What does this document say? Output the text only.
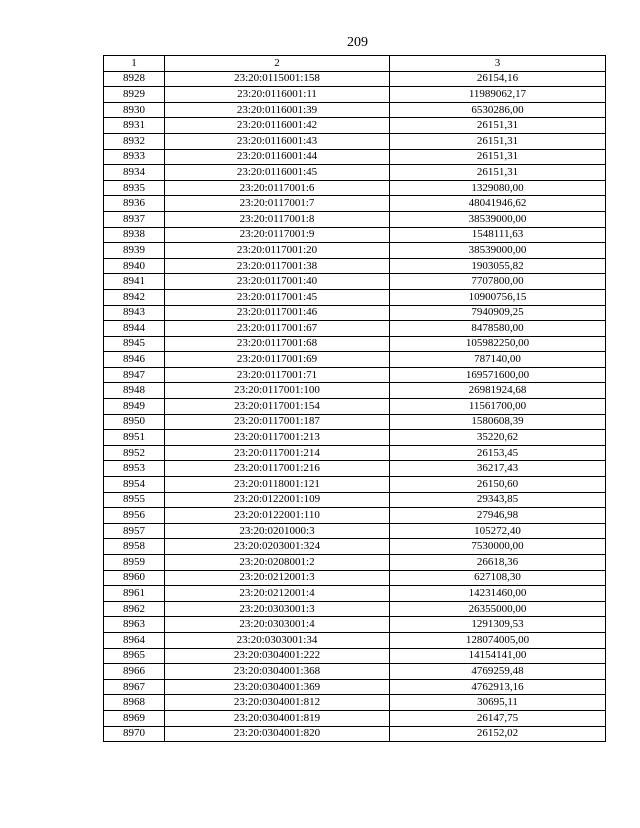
209
1	2	3
8928	23:20:0115001:158	26154,16
8929	23:20:0116001:11	11989062,17
8930	23:20:0116001:39	6530286,00
8931	23:20:0116001:42	26151,31
8932	23:20:0116001:43	26151,31
8933	23:20:0116001:44	26151,31
8934	23:20:0116001:45	26151,31
8935	23:20:0117001:6	1329080,00
8936	23:20:0117001:7	48041946,62
8937	23:20:0117001:8	38539000,00
8938	23:20:0117001:9	1548111,63
8939	23:20:0117001:20	38539000,00
8940	23:20:0117001:38	1903055,82
8941	23:20:0117001:40	7707800,00
8942	23:20:0117001:45	10900756,15
8943	23:20:0117001:46	7940909,25
8944	23:20:0117001:67	8478580,00
8945	23:20:0117001:68	105982250,00
8946	23:20:0117001:69	787140,00
8947	23:20:0117001:71	169571600,00
8948	23:20:0117001:100	26981924,68
8949	23:20:0117001:154	11561700,00
8950	23:20:0117001:187	1580608,39
8951	23:20:0117001:213	35220,62
8952	23:20:0117001:214	26153,45
8953	23:20:0117001:216	36217,43
8954	23:20:0118001:121	26150,60
8955	23:20:0122001:109	29343,85
8956	23:20:0122001:110	27946,98
8957	23:20:0201000:3	105272,40
8958	23:20:0203001:324	7530000,00
8959	23:20:0208001:2	26618,36
8960	23:20:0212001:3	627108,30
8961	23:20:0212001:4	14231460,00
8962	23:20:0303001:3	26355000,00
8963	23:20:0303001:4	1291309,53
8964	23:20:0303001:34	128074005,00
8965	23:20:0304001:222	14154141,00
8966	23:20:0304001:368	4769259,48
8967	23:20:0304001:369	4762913,16
8968	23:20:0304001:812	30695,11
8969	23:20:0304001:819	26147,75
8970	23:20:0304001:820	26152,02
